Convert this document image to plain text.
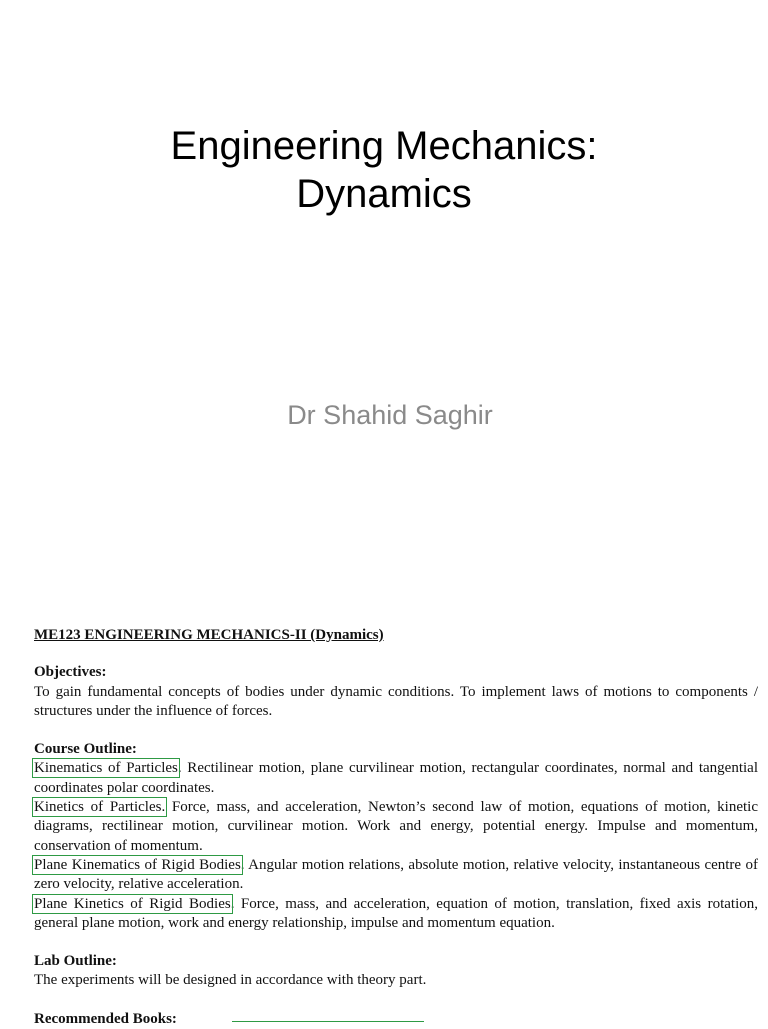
Engineering Mechanics:
Dynamics
Dr Shahid Saghir
ME123 ENGINEERING MECHANICS-II (Dynamics)
Objectives:

To gain fundamental concepts of bodies under dynamic conditions. To implement laws of motions to components / structures under the influence of forces.

Course Outline:

Kinematics of Particles. Rectilinear motion, plane curvilinear motion, rectangular coordinates, normal and tangential coordinates polar coordinates.

Kinetics of Particles. Force, mass, and acceleration, Newton’s second law of motion, equations of motion, kinetic diagrams, rectilinear motion, curvilinear motion. Work and energy, potential energy. Impulse and momentum, conservation of momentum.

Plane Kinematics of Rigid Bodies. Angular motion relations, absolute motion, relative velocity, instantaneous centre of zero velocity, relative acceleration.

Plane Kinetics of Rigid Bodies. Force, mass, and acceleration, equation of motion, translation, fixed axis rotation, general plane motion, work and energy relationship, impulse and momentum equation.

Lab Outline:

The experiments will be designed in accordance with theory part.

Recommended Books:
